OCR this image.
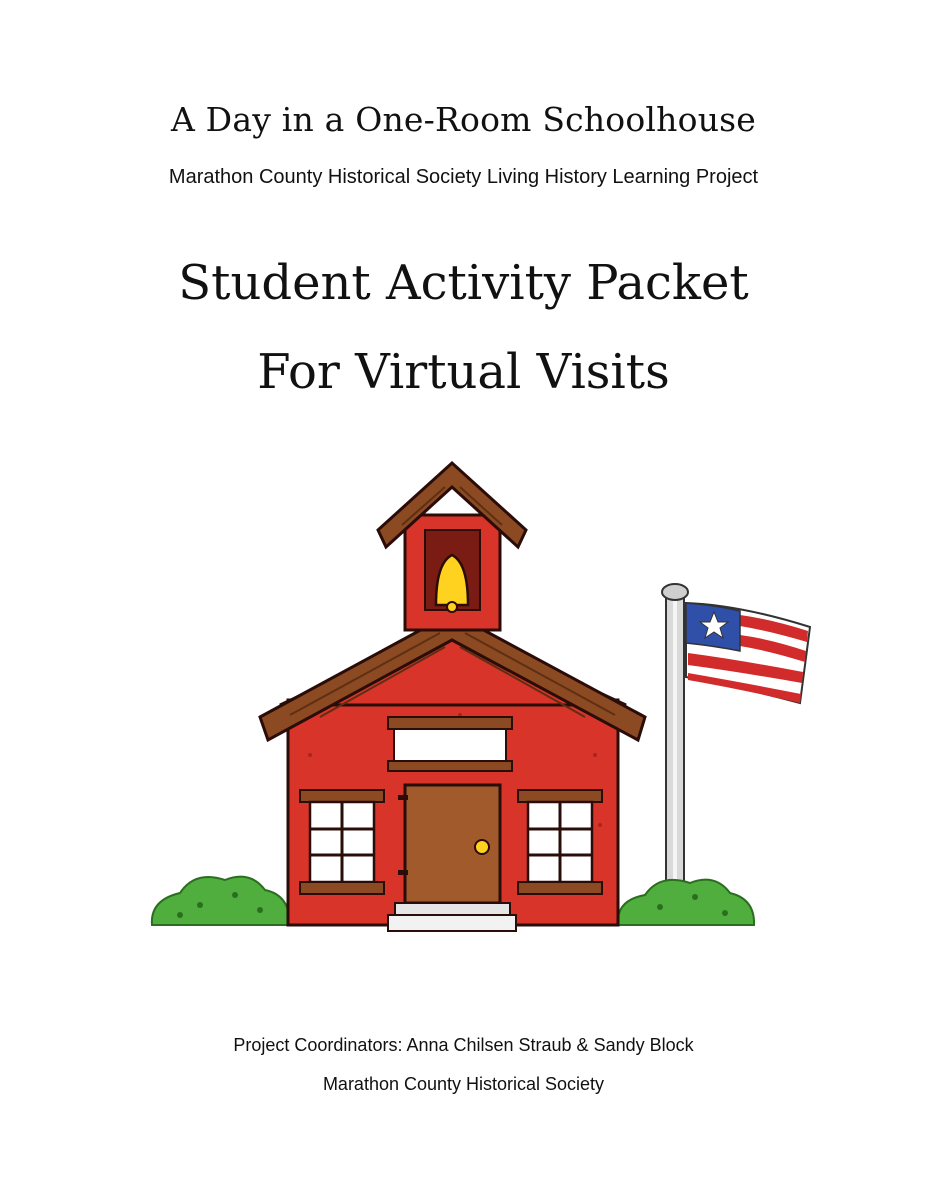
A Day in a One-Room Schoolhouse
Marathon County Historical Society Living History Learning Project
Student Activity Packet
For Virtual Visits
Project Coordinators: Anna Chilsen Straub & Sandy Block
Marathon County Historical Society
